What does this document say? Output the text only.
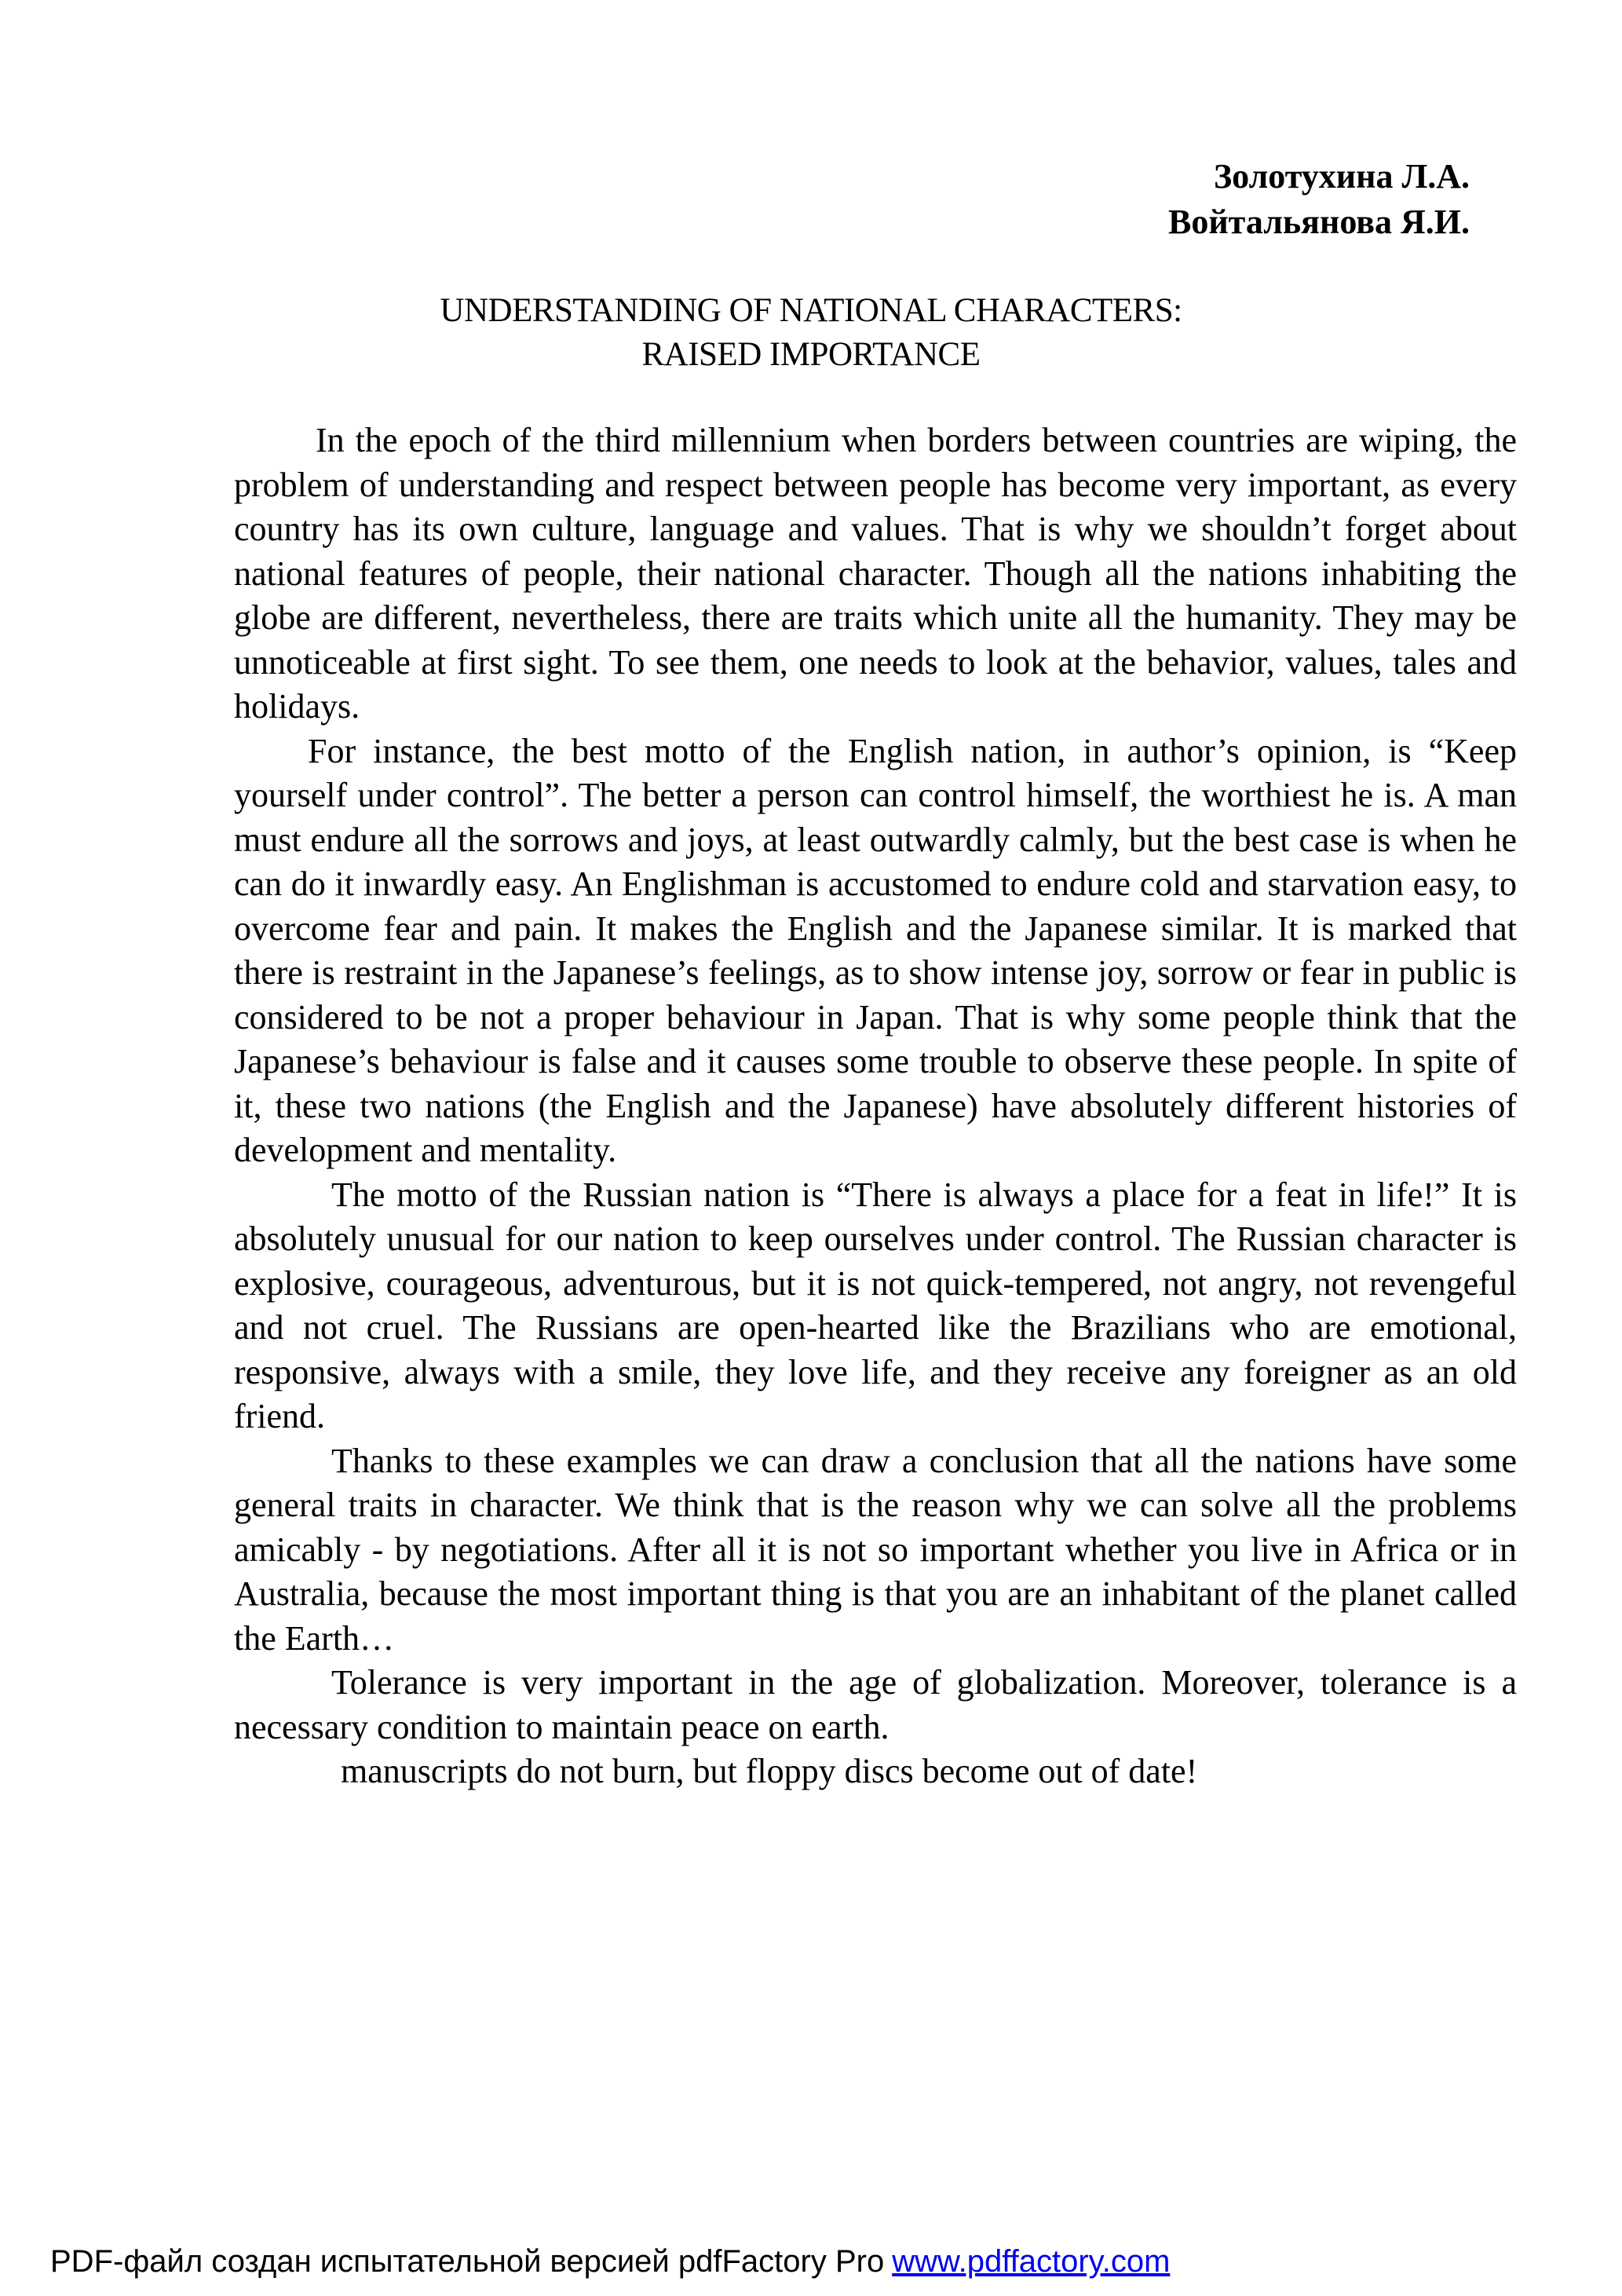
Золотухина Л.А.
Войтальянова Я.И.
UNDERSTANDING OF NATIONAL CHARACTERS:
RAISED IMPORTANCE

In the epoch of the third millennium when borders between countries are wiping, the problem of understanding and respect between people has become very important, as every country has its own culture, language and values. That is why we shouldn’t forget about national features of people, their national character. Though all the nations inhabiting the globe are different, nevertheless, there are traits which unite all the humanity. They may be unnoticeable at first sight. To see them, one needs to look at the behavior, values, tales and holidays.

For instance, the best motto of the English nation, in author’s opinion, is “Keep yourself under control”. The better a person can control himself, the worthiest he is. A man must endure all the sorrows and joys, at least outwardly calmly, but the best case is when he can do it inwardly easy. An Englishman is accustomed to endure cold and starvation easy, to overcome fear and pain. It makes the English and the Japanese similar. It is marked that there is restraint in the Japanese’s feelings, as to show intense joy, sorrow or fear in public is considered to be not a proper behaviour in Japan. That is why some people think that the Japanese’s behaviour is false and it causes some trouble to observe these people. In spite of it, these two nations (the English and the Japanese) have absolutely different histories of development and mentality.

The motto of the Russian nation is “There is always a place for a feat in life!” It is absolutely unusual for our nation to keep ourselves under control. The Russian character is explosive, courageous, adventurous, but it is not quick-tempered, not angry, not revengeful and not cruel. The Russians are open-hearted like the Brazilians who are emotional, responsive, always with a smile, they love life, and they receive any foreigner as an old friend.

Thanks to these examples we can draw a conclusion that all the nations have some general traits in character. We think that is the reason why we can solve all the problems amicably - by negotiations. After all it is not so important whether you live in Africa or in Australia, because the most important thing is that you are an inhabitant of the planet called the Earth…

Tolerance is very important in the age of globalization. Moreover, tolerance is a necessary condition to maintain peace on earth.

manuscripts do not burn, but floppy discs become out of date!

PDF-файл создан испытательной версией pdfFactory Pro www.pdffactory.com
